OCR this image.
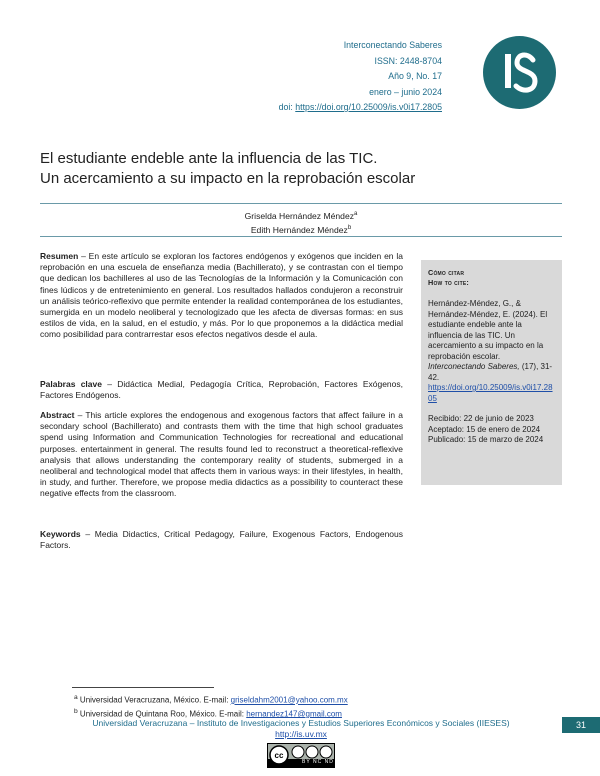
Interconectando Saberes
ISSN: 2448-8704
Año 9, No. 17
enero – junio 2024
doi: https://doi.org/10.25009/is.v0i17.2805
El estudiante endeble ante la influencia de las TIC.
Un acercamiento a su impacto en la reprobación escolar
Griselda Hernández Méndez$^a$
Edith Hernández Méndez$^b$
Resumen – En este artículo se exploran los factores endógenos y exógenos que inciden en la reprobación en una escuela de enseñanza media (Bachillerato), y se contrastan con el tiempo que dedican los bachilleres al uso de las Tecnologías de la Información y la Comunicación con fines lúdicos y de entretenimiento en general. Los resultados hallados condujeron a reconstruir un análisis teórico-reflexivo que permite entender la realidad contemporánea de los estudiantes, sumergida en un modelo neoliberal y tecnologizado que les afecta de diversas formas: en sus estilos de vida, en la salud, en el estudio, y más. Por lo que proponemos a la didáctica medial como posibilidad para contrarrestar esos efectos negativos desde el aula.
Palabras clave – Didáctica Medial, Pedagogía Crítica, Reprobación, Factores Exógenos, Factores Endógenos.
Abstract – This article explores the endogenous and exogenous factors that affect failure in a secondary school (Bachillerato) and contrasts them with the time that high school graduates spend using Information and Communication Technologies for recreational and educational purposes. entertainment in general. The results found led to reconstruct a theoretical-reflexive analysis that allows understanding the contemporary reality of students, submerged in a neoliberal and technological model that affects them in various ways: in their lifestyles, in health, in study, and further. Therefore, we propose media didactics as a possibility to counteract these negative effects from the classroom.
Keywords – Media Didactics, Critical Pedagogy, Failure, Exogenous Factors, Endogenous Factors.
Cómo citar
How to cite:
Hernández-Méndez, G., & Hernández-Méndez, E. (2024). El estudiante endeble ante la influencia de las TIC. Un acercamiento a su impacto en la reprobación escolar. Interconectando Saberes, (17), 31-42.
https://doi.org/10.25009/is.v0i17.2805
Recibido: 22 de junio de 2023
Aceptado: 15 de enero de 2024
Publicado: 15 de marzo de 2024
$^a$ Universidad Veracruzana, México. E-mail: griseldahm2001@yahoo.com.mx
$^b$ Universidad de Quintana Roo, México. E-mail: hernandez147@gmail.com
Universidad Veracruzana – Instituto de Investigaciones y Estudios Superiores Económicos y Sociales (IIESES)
http://is.uv.mx
31
cc
BY NC ND
